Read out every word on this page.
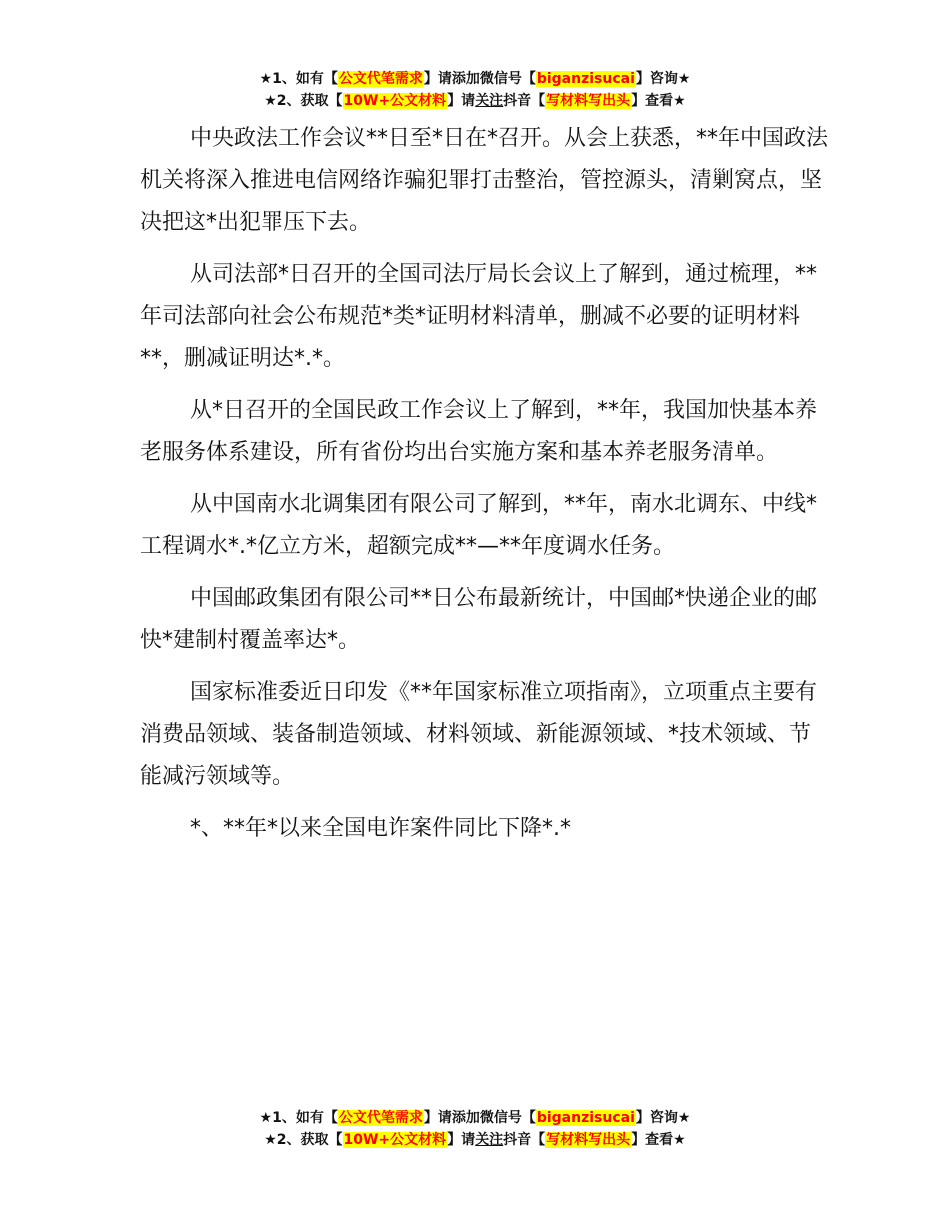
★1、如有【公文代笔需求】请添加微信号【biganzisucai】咨询★
★2、获取【10W+公文材料】请关注抖音【写材料写出头】查看★

中央政法工作会议**日至*日在*召开。从会上获悉，**年中国政法机关将深入推进电信网络诈骗犯罪打击整治，管控源头，清剿窝点，坚决把这*出犯罪压下去。

从司法部*日召开的全国司法厅局长会议上了解到，通过梳理，**年司法部向社会公布规范*类*证明材料清单，删减不必要的证明材料**，删减证明达*.*。

从*日召开的全国民政工作会议上了解到，**年，我国加快基本养老服务体系建设，所有省份均出台实施方案和基本养老服务清单。

从中国南水北调集团有限公司了解到，**年，南水北调东、中线*工程调水*.*亿立方米，超额完成**—**年度调水任务。

中国邮政集团有限公司**日公布最新统计，中国邮*快递企业的邮快*建制村覆盖率达*。

国家标准委近日印发《**年国家标准立项指南》，立项重点主要有消费品领域、装备制造领域、材料领域、新能源领域、*技术领域、节能减污领域等。

*、**年*以来全国电诈案件同比下降*.*

★1、如有【公文代笔需求】请添加微信号【biganzisucai】咨询★
★2、获取【10W+公文材料】请关注抖音【写材料写出头】查看★
